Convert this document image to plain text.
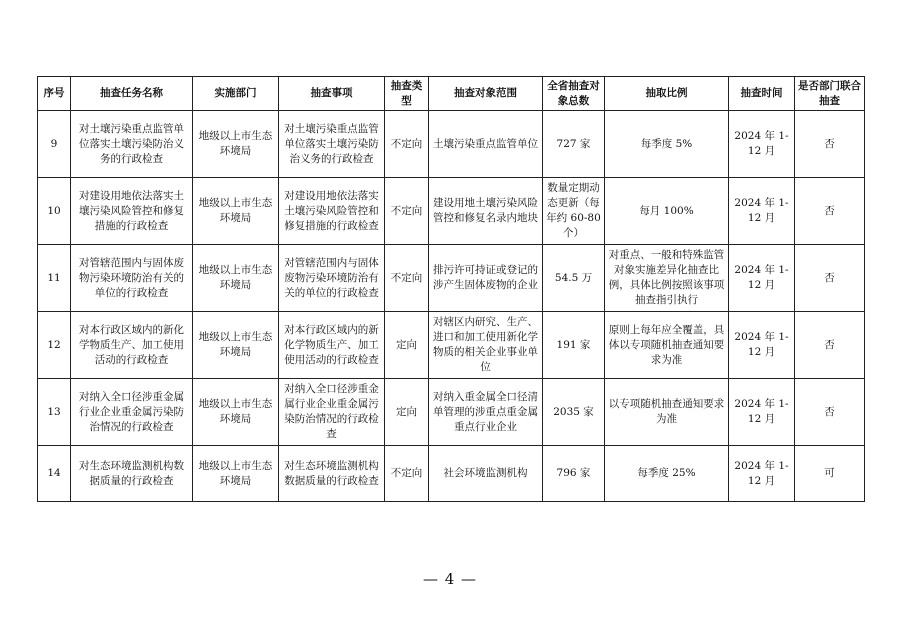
序号	抽查任务名称	实施部门	抽查事项	抽查类型	抽查对象范围	全省抽查对象总数	抽取比例	抽查时间	是否部门联合抽查
9	对土壤污染重点监管单位落实土壤污染防治义务的行政检查	地级以上市生态环境局	对土壤污染重点监管单位落实土壤污染防治义务的行政检查	不定向	土壤污染重点监管单位	727 家	每季度 5%	2024 年 1-12 月	否
10	对建设用地依法落实土壤污染风险管控和修复措施的行政检查	地级以上市生态环境局	对建设用地依法落实土壤污染风险管控和修复措施的行政检查	不定向	建设用地土壤污染风险管控和修复名录内地块	数量定期动态更新（每年约 60-80 个）	每月 100%	2024 年 1-12 月	否
11	对管辖范围内与固体废物污染环境防治有关的单位的行政检查	地级以上市生态环境局	对管辖范围内与固体废物污染环境防治有关的单位的行政检查	不定向	排污许可持证或登记的涉产生固体废物的企业	54.5 万	对重点、一般和特殊监管对象实施差异化抽查比例，具体比例按照该事项抽查指引执行	2024 年 1-12 月	否
12	对本行政区域内的新化学物质生产、加工使用活动的行政检查	地级以上市生态环境局	对本行政区域内的新化学物质生产、加工使用活动的行政检查	定向	对辖区内研究、生产、进口和加工使用新化学物质的相关企业事业单位	191 家	原则上每年应全覆盖，具体以专项随机抽查通知要求为准	2024 年 1-12 月	否
13	对纳入全口径涉重金属行业企业重金属污染防治情况的行政检查	地级以上市生态环境局	对纳入全口径涉重金属行业企业重金属污染防治情况的行政检查	定向	对纳入重金属全口径清单管理的涉重点重金属重点行业企业	2035 家	以专项随机抽查通知要求为准	2024 年 1-12 月	否
14	对生态环境监测机构数据质量的行政检查	地级以上市生态环境局	对生态环境监测机构数据质量的行政检查	不定向	社会环境监测机构	796 家	每季度 25%	2024 年 1-12 月	可
— 4 —
